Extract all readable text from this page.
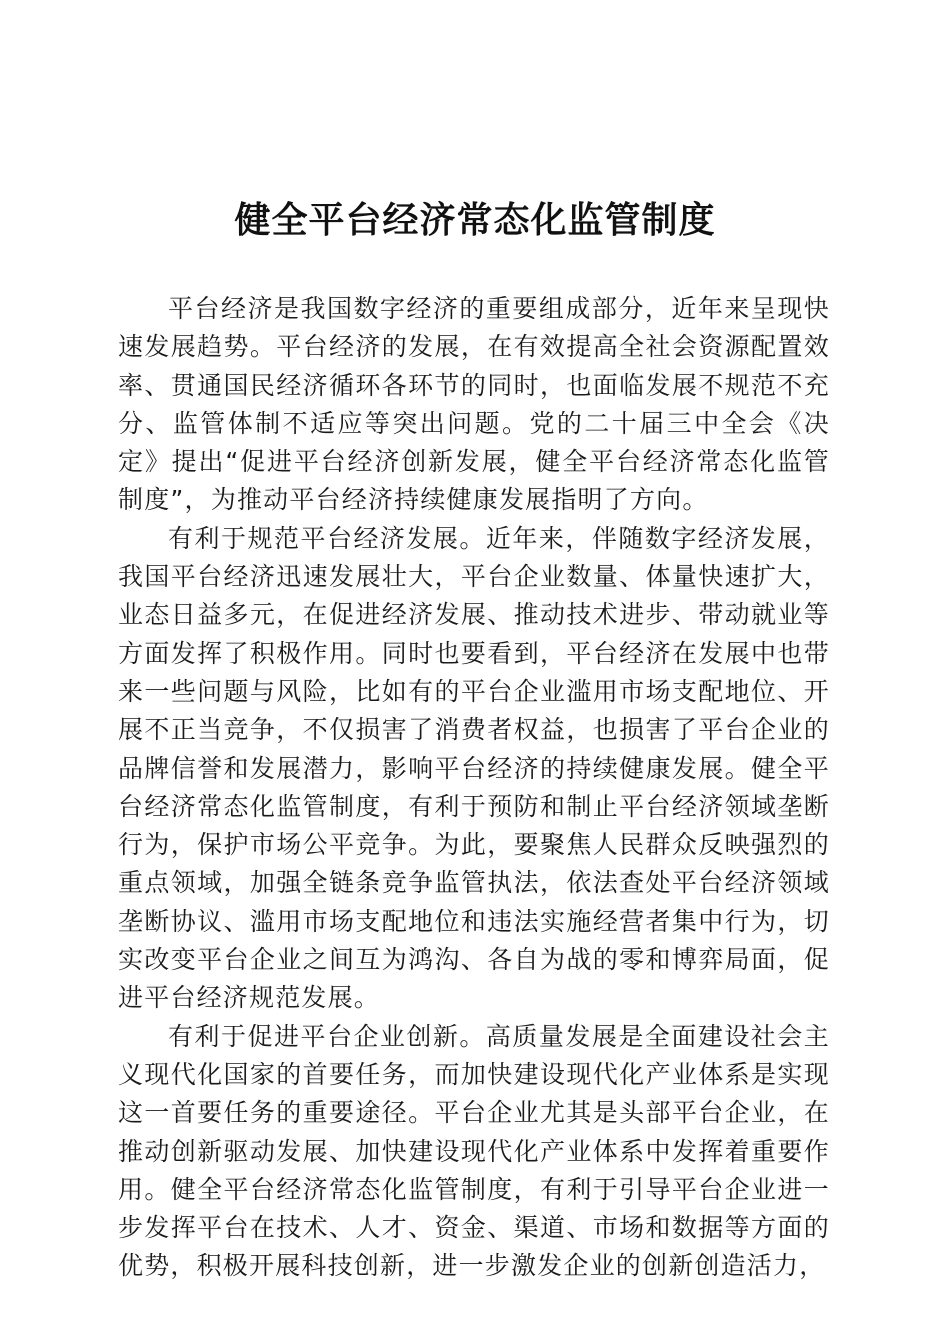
健全平台经济常态化监管制度

平台经济是我国数字经济的重要组成部分，近年来呈现快速发展趋势。平台经济的发展，在有效提高全社会资源配置效率、贯通国民经济循环各环节的同时，也面临发展不规范不充分、监管体制不适应等突出问题。党的二十届三中全会《决定》提出“促进平台经济创新发展，健全平台经济常态化监管制度”，为推动平台经济持续健康发展指明了方向。

有利于规范平台经济发展。近年来，伴随数字经济发展，我国平台经济迅速发展壮大，平台企业数量、体量快速扩大，业态日益多元，在促进经济发展、推动技术进步、带动就业等方面发挥了积极作用。同时也要看到，平台经济在发展中也带来一些问题与风险，比如有的平台企业滥用市场支配地位、开展不正当竞争，不仅损害了消费者权益，也损害了平台企业的品牌信誉和发展潜力，影响平台经济的持续健康发展。健全平台经济常态化监管制度，有利于预防和制止平台经济领域垄断行为，保护市场公平竞争。为此，要聚焦人民群众反映强烈的重点领域，加强全链条竞争监管执法，依法查处平台经济领域垄断协议、滥用市场支配地位和违法实施经营者集中行为，切实改变平台企业之间互为鸿沟、各自为战的零和博弈局面，促进平台经济规范发展。

有利于促进平台企业创新。高质量发展是全面建设社会主义现代化国家的首要任务，而加快建设现代化产业体系是实现这一首要任务的重要途径。平台企业尤其是头部平台企业，在推动创新驱动发展、加快建设现代化产业体系中发挥着重要作用。健全平台经济常态化监管制度，有利于引导平台企业进一步发挥平台在技术、人才、资金、渠道、市场和数据等方面的优势，积极开展科技创新，进一步激发企业的创新创造活力，
